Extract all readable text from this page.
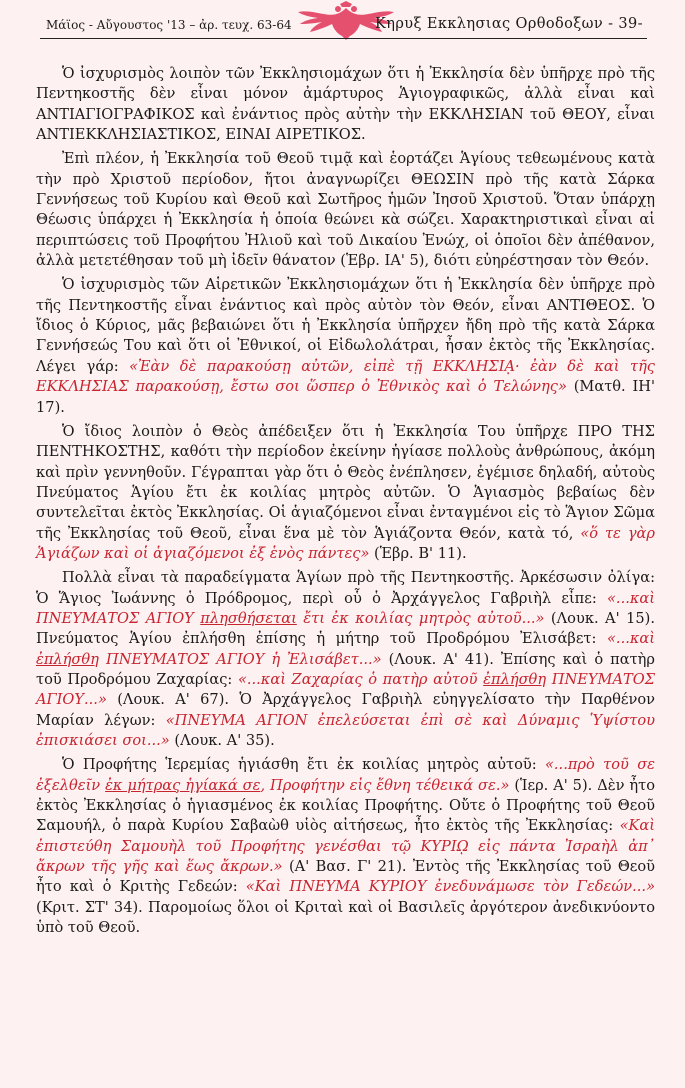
Μάϊος - Αὔγουστος '13 – ἀρ. τευχ. 63-64	Κηρυξ Εκκλησιας Ορθοδοξων - 39-

Ὁ ἰσχυρισμὸς λοιπὸν τῶν Ἐκκλησιομάχων ὅτι ἡ Ἐκκλησία δὲν ὑπῆρχε πρὸ τῆς Πεντηκοστῆς δὲν εἶναι μόνον ἀμάρτυρος Ἁγιογραφικῶς, ἀλλὰ εἶναι καὶ ΑΝΤΙΑΓΙΟΓΡΑΦΙΚΟΣ καὶ ἐνάντιος πρὸς αὐτὴν τὴν ΕΚΚΛΗΣΙΑΝ τοῦ ΘΕΟΥ, εἶναι ΑΝΤΙΕΚΚΛΗΣΙΑΣΤΙΚΟΣ, ΕΙΝΑΙ ΑΙΡΕΤΙΚΟΣ.

Ἐπὶ πλέον, ἡ Ἐκκλησία τοῦ Θεοῦ τιμᾷ καὶ ἑορτάζει Ἁγίους τεθεωμένους κατὰ τὴν πρὸ Χριστοῦ περίοδον, ἤτοι ἀναγνωρίζει ΘΕΩΣΙΝ πρὸ τῆς κατὰ Σάρκα Γεννήσεως τοῦ Κυρίου καὶ Θεοῦ καὶ Σωτῆρος ἡμῶν Ἰησοῦ Χριστοῦ. Ὅταν ὑπάρχῃ Θέωσις ὑπάρχει ἡ Ἐκκλησία ἡ ὁποία θεώνει κὰ σώζει. Χαρακτηριστικαὶ εἶναι αἱ περιπτώσεις τοῦ Προφήτου Ἠλιοῦ καὶ τοῦ Δικαίου Ἐνώχ, οἱ ὁποῖοι δὲν ἀπέθανον, ἀλλὰ μετετέθησαν τοῦ μὴ ἰδεῖν θάνατον (Ἑβρ. ΙΑ' 5), διότι εὐηρέστησαν τὸν Θεόν.

Ὁ ἰσχυρισμὸς τῶν Αἱρετικῶν Ἐκκλησιομάχων ὅτι ἡ Ἐκκλησία δὲν ὑπῆρχε πρὸ τῆς Πεντηκοστῆς εἶναι ἐνάντιος καὶ πρὸς αὐτὸν τὸν Θεόν, εἶναι ΑΝΤΙΘΕΟΣ. Ὁ ἴδιος ὁ Κύριος, μᾶς βεβαιώνει ὅτι ἡ Ἐκκλησία ὑπῆρχεν ἤδη πρὸ τῆς κατὰ Σάρκα Γεννήσεώς Του καὶ ὅτι οἱ Ἐθνικοί, οἱ Εἰδωλολάτραι, ἦσαν ἐκτὸς τῆς Ἐκκλησίας. Λέγει γάρ: «Ἐὰν δὲ παρακούσῃ αὐτῶν, εἰπὲ τῇ ΕΚΚΛΗΣΙᾼ· ἐὰν δὲ καὶ τῆς ΕΚΚΛΗΣΙΑΣ παρακούσῃ, ἔστω σοι ὥσπερ ὁ Ἐθνικὸς καὶ ὁ Τελώνης» (Ματθ. ΙΗ' 17).

Ὁ ἴδιος λοιπὸν ὁ Θεὸς ἀπέδειξεν ὅτι ἡ Ἐκκλησία Του ὑπῆρχε ΠΡΟ ΤΗΣ ΠΕΝΤΗΚΟΣΤΗΣ, καθότι τὴν περίοδον ἐκείνην ἡγίασε πολλοὺς ἀνθρώπους, ἀκόμη καὶ πρὶν γεννηθοῦν. Γέγραπται γὰρ ὅτι ὁ Θεὸς ἐνέπλησεν, ἐγέμισε δηλαδή, αὐτοὺς Πνεύματος Ἁγίου ἔτι ἐκ κοιλίας μητρὸς αὐτῶν. Ὁ Ἁγιασμὸς βεβαίως δὲν συντελεῖται ἐκτὸς Ἐκκλησίας. Οἱ ἁγιαζόμενοι εἶναι ἐνταγμένοι εἰς τὸ Ἅγιον Σῶμα τῆς Ἐκκλησίας τοῦ Θεοῦ, εἶναι ἕνα μὲ τὸν Ἁγιάζοντα Θεόν, κατὰ τό, «ὅ τε γὰρ Ἁγιάζων καὶ οἱ ἁγιαζόμενοι ἐξ ἑνὸς πάντες» (Ἑβρ. Β' 11).

Πολλὰ εἶναι τὰ παραδείγματα Ἁγίων πρὸ τῆς Πεντηκοστῆς. Ἀρκέσωσιν ὀλίγα: Ὁ Ἅγιος Ἰωάννης ὁ Πρόδρομος, περὶ οὗ ὁ Ἀρχάγγελος Γαβριὴλ εἶπε: «...καὶ ΠΝΕΥΜΑΤΟΣ ΑΓΙΟΥ πλησθήσεται ἔτι ἐκ κοιλίας μητρὸς αὐτοῦ...» (Λουκ. Α' 15). Πνεύματος Ἁγίου ἐπλήσθη ἐπίσης ἡ μήτηρ τοῦ Προδρόμου Ἐλισάβετ: «...καὶ ἐπλήσθη ΠΝΕΥΜΑΤΟΣ ΑΓΙΟΥ ἡ Ἐλισάβετ...» (Λουκ. Α' 41). Ἐπίσης καὶ ὁ πατὴρ τοῦ Προδρόμου Ζαχαρίας: «...καὶ Ζαχαρίας ὁ πατὴρ αὐτοῦ ἐπλήσθη ΠΝΕΥΜΑΤΟΣ ΑΓΙΟΥ...» (Λουκ. Α' 67). Ὁ Ἀρχάγγελος Γαβριὴλ εὐηγγελίσατο τὴν Παρθένον Μαρίαν λέγων: «ΠΝΕΥΜΑ ΑΓΙΟΝ ἐπελεύσεται ἐπὶ σὲ καὶ Δύναμις Ὑψίστου ἐπισκιάσει σοι...» (Λουκ. Α' 35).

Ὁ Προφήτης Ἱερεμίας ἡγιάσθη ἔτι ἐκ κοιλίας μητρὸς αὐτοῦ: «...πρὸ τοῦ σε ἐξελθεῖν ἐκ μήτρας ἡγίακά σε, Προφήτην εἰς ἔθνη τέθεικά σε.» (Ἱερ. Α' 5). Δὲν ἦτο ἐκτὸς Ἐκκλησίας ὁ ἡγιασμένος ἐκ κοιλίας Προφήτης. Οὔτε ὁ Προφήτης τοῦ Θεοῦ Σαμουήλ, ὁ παρὰ Κυρίου Σαβαὼθ υἱὸς αἰτήσεως, ἦτο ἐκτὸς τῆς Ἐκκλησίας: «Καὶ ἐπιστεύθη Σαμουὴλ τοῦ Προφήτης γενέσθαι τῷ ΚΥΡΙῼ εἰς πάντα Ἰσραὴλ ἀπ᾿ ἄκρων τῆς γῆς καὶ ἕως ἄκρων.» (Α' Βασ. Γ' 21). Ἐντὸς τῆς Ἐκκλησίας τοῦ Θεοῦ ἦτο καὶ ὁ Κριτὴς Γεδεών: «Καὶ ΠΝΕΥΜΑ ΚΥΡΙΟΥ ἐνεδυνάμωσε τὸν Γεδεών...» (Κριτ. ΣΤ' 34). Παρομοίως ὅλοι οἱ Κριταὶ καὶ οἱ Βασιλεῖς ἀργότερον ἀνεδικνύοντο ὑπὸ τοῦ Θεοῦ.
